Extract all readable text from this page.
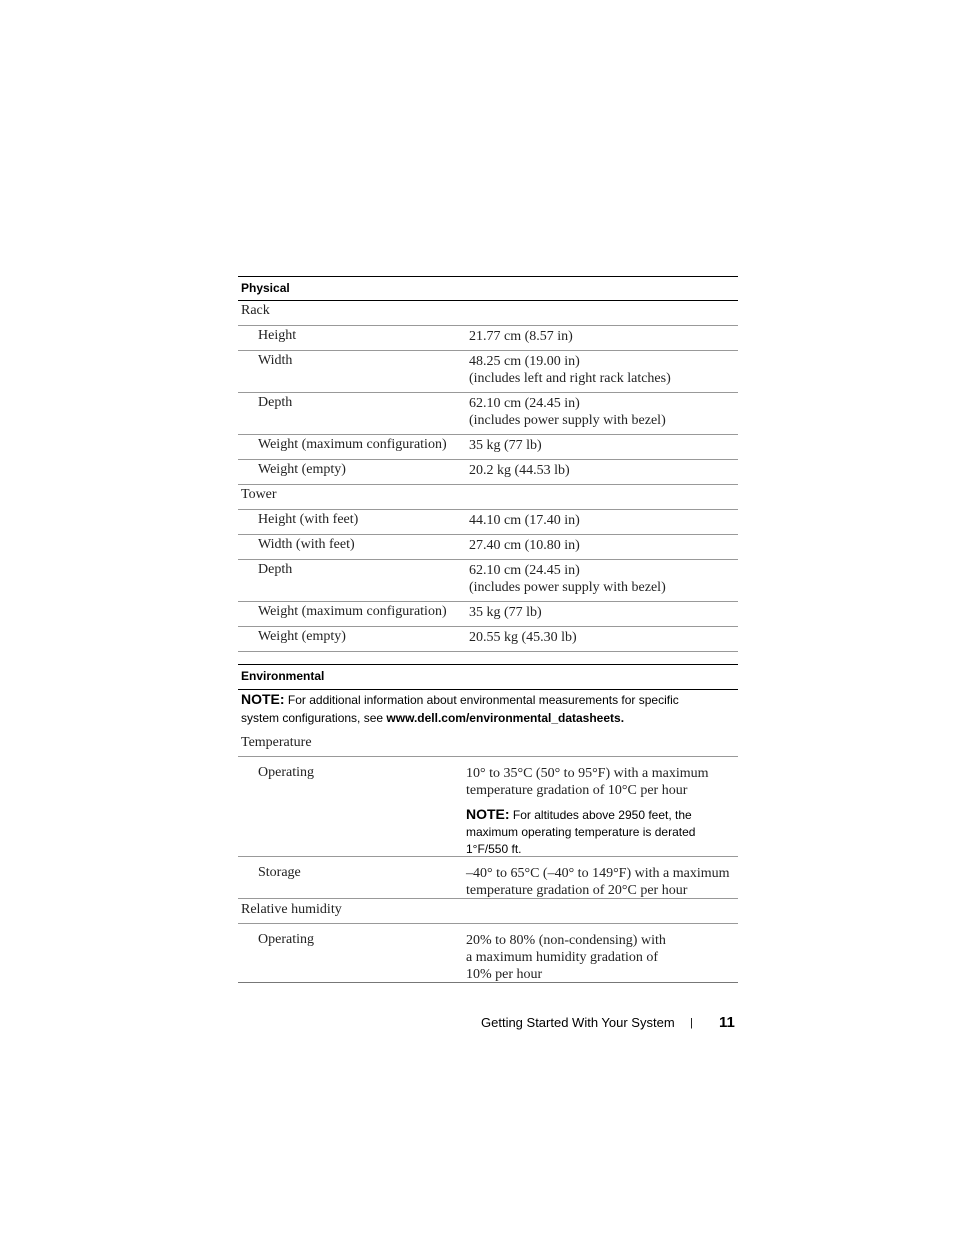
Physical
Rack
Height	21.77 cm (8.57 in)
Width	48.25 cm (19.00 in)
(includes left and right rack latches)
Depth	62.10 cm (24.45 in)
(includes power supply with bezel)
Weight (maximum configuration) 35 kg (77 lb)
Weight (empty)	20.2 kg (44.53 lb)
Tower
Height (with feet)	44.10 cm (17.40 in)
Width (with feet)	27.40 cm (10.80 in)
Depth	62.10 cm (24.45 in)
(includes power supply with bezel)
Weight (maximum configuration) 35 kg (77 lb)
Weight (empty)	20.55 kg (45.30 lb)
Environmental
NOTE: For additional information about environmental measurements for specific
system configurations, see www.dell.com/environmental_datasheets.
Temperature
Operating	10° to 35°C (50° to 95°F) with a maximum
temperature gradation of 10°C per hour
NOTE: For altitudes above 2950 feet, the
maximum operating temperature is derated
1°F/550 ft.
Storage	–40° to 65°C (–40° to 149°F) with a maximum
temperature gradation of 20°C per hour
Relative humidity
Operating	20% to 80% (non-condensing) with
a maximum humidity gradation of
10% per hour
Getting Started With Your System | 11
